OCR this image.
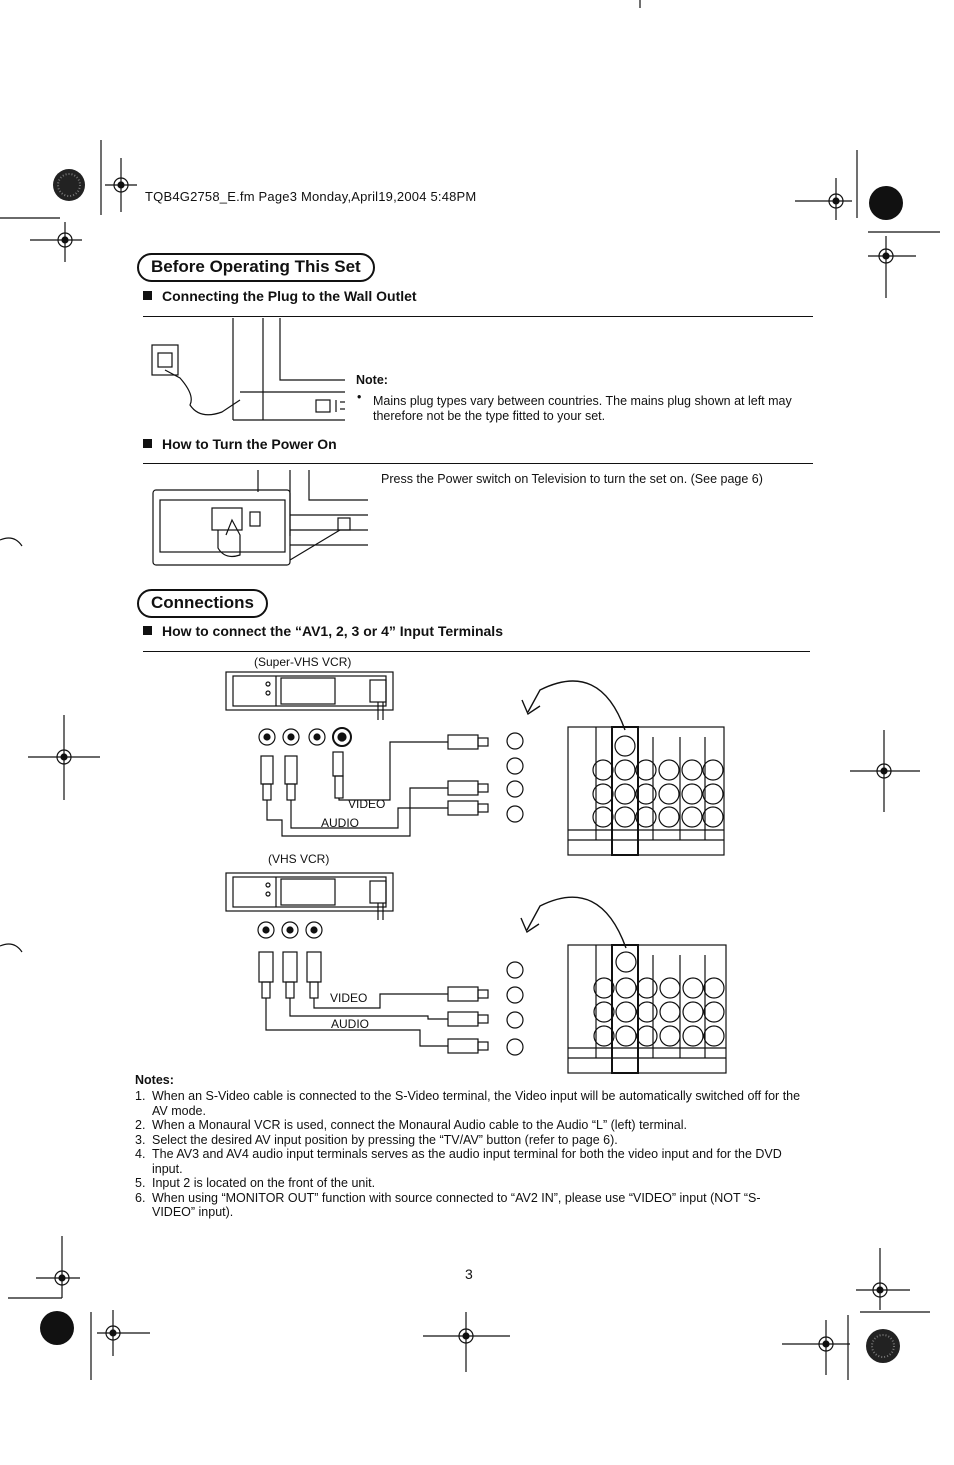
TQB4G2758_E.fm Page3 Monday,April19,2004 5:48PM
Before Operating This Set
Connecting the Plug to the Wall Outlet
Note:
• Mains plug types vary between countries. The mains plug shown at left may therefore not be the type fitted to your set.
How to Turn the Power On
Press the Power switch on Television to turn the set on. (See page 6)
Connections
How to connect the “AV1, 2, 3 or 4” Input Terminals
(Super-VHS VCR)
VIDEO
AUDIO
(VHS VCR)
VIDEO
AUDIO
Notes:
1. When an S-Video cable is connected to the S-Video terminal, the Video input will be automatically switched off for the AV mode.
2. When a Monaural VCR is used, connect the Monaural Audio cable to the Audio “L” (left) terminal.
3. Select the desired AV input position by pressing the “TV/AV” button (refer to page 6).
4. The AV3 and AV4 audio input terminals serves as the audio input terminal for both the video input and for the DVD input.
5. Input 2 is located on the front of the unit.
6. When using “MONITOR OUT” function with source connected to “AV2 IN”, please use “VIDEO” input (NOT “S-VIDEO” input).
3
